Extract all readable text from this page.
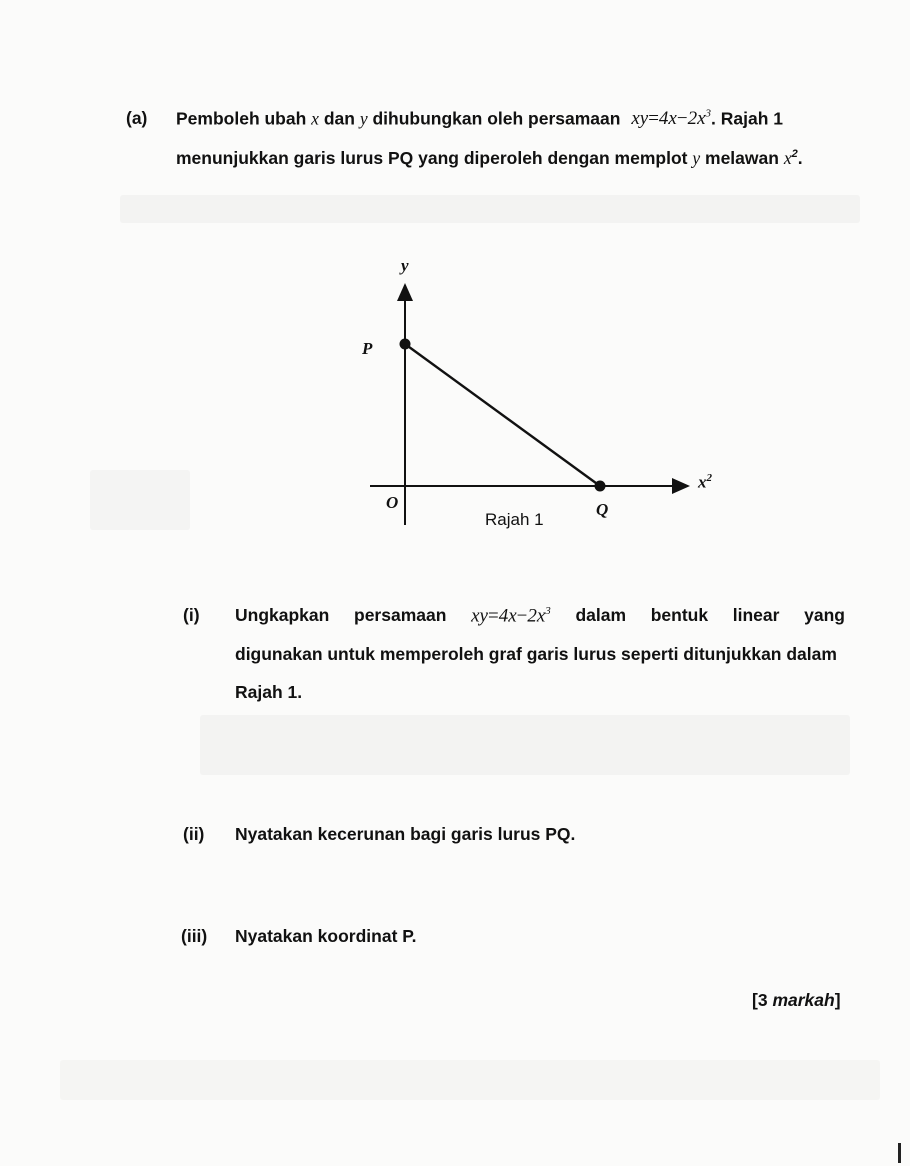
(a) Pemboleh ubah x dan y dihubungkan oleh persamaan $xy=4x-2x^3$. Rajah 1
menunjukkan garis lurus PQ yang diperoleh dengan memplot y melawan $x^2$.
y
$x^2$
P
O	Q
Rajah 1
(i) Ungkapkan persamaan $xy=4x-2x^3$ dalam bentuk linear yang
digunakan untuk memperoleh graf garis lurus seperti ditunjukkan dalam
Rajah 1.
(ii) Nyatakan kecerunan bagi garis lurus PQ.
(iii) Nyatakan koordinat P.
[3 markah]
